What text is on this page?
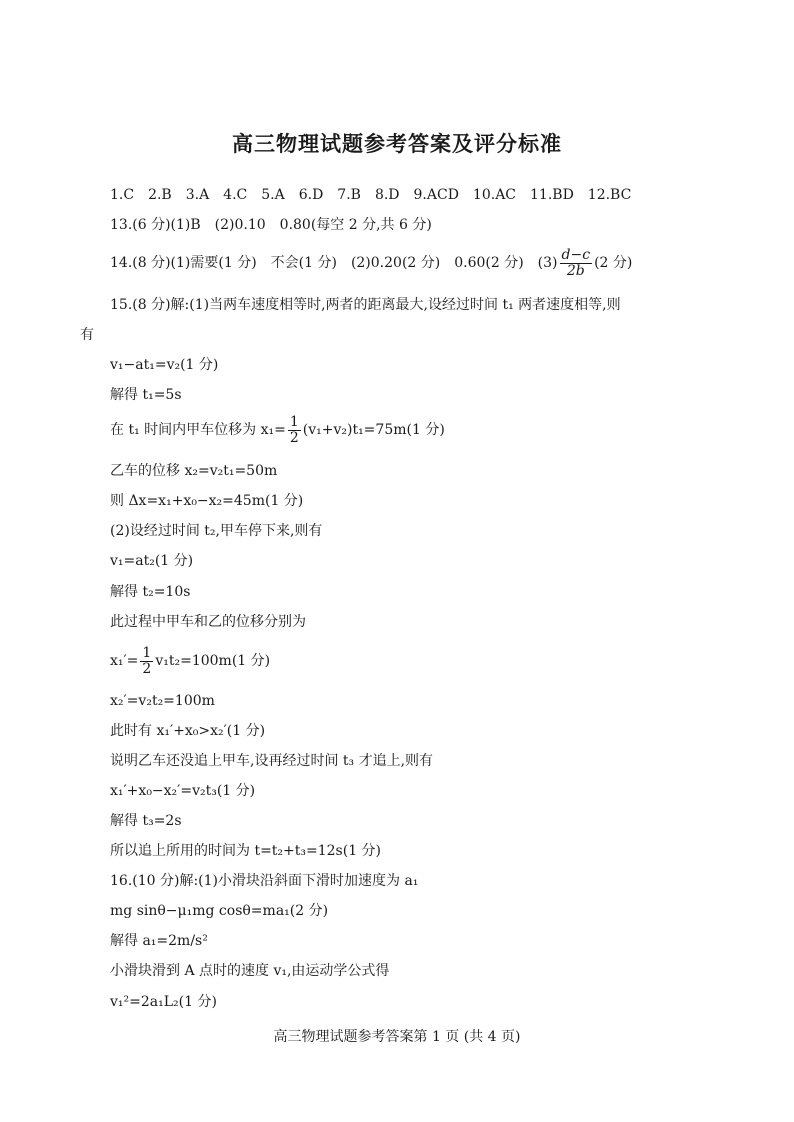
高三物理试题参考答案及评分标准
1.C　2.B　3.A　4.C　5.A　6.D　7.B　8.D　9.ACD　10.AC　11.BD　12.BC
13.(6 分)(1)B　(2)0.10　0.80(每空 2 分,共 6 分)
14.(8 分)(1)需要(1 分)　不会(1 分)　(2)0.20(2 分)　0.60(2 分)　$(3) \frac{d-c}{2b} (2$ 分)
15.(8 分)解:(1)当两车速度相等时,两者的距离最大,设经过时间 t₁ 两者速度相等,则
有
v₁−at₁=v₂(1 分)
解得 t₁=5s
在 t₁ 时间内甲车位移为 $x_1= \frac{1}{2} (v_1+v_2)t_1=75m(1$ 分)
乙车的位移 x₂=v₂t₁=50m
则 Δx=x₁+x₀−x₂=45m(1 分)
(2)设经过时间 t₂,甲车停下来,则有
v₁=at₂(1 分)
解得 t₂=10s
此过程中甲车和乙的位移分别为
$x_1'= \frac{1}{2} v_1t_2=100m(1$ 分)
x₂′=v₂t₂=100m
此时有 x₁′+x₀>x₂′(1 分)
说明乙车还没追上甲车,设再经过时间 t₃ 才追上,则有
x₁′+x₀−x₂′=v₂t₃(1 分)
解得 t₃=2s
所以追上所用的时间为 t=t₂+t₃=12s(1 分)
16.(10 分)解:(1)小滑块沿斜面下滑时加速度为 a₁
mg sinθ−μ₁mg cosθ=ma₁(2 分)
解得 a₁=2m/s²
小滑块滑到 A 点时的速度 v₁,由运动学公式得
v₁²=2a₁L₂(1 分)
高三物理试题参考答案第 1 页 (共 4 页)
